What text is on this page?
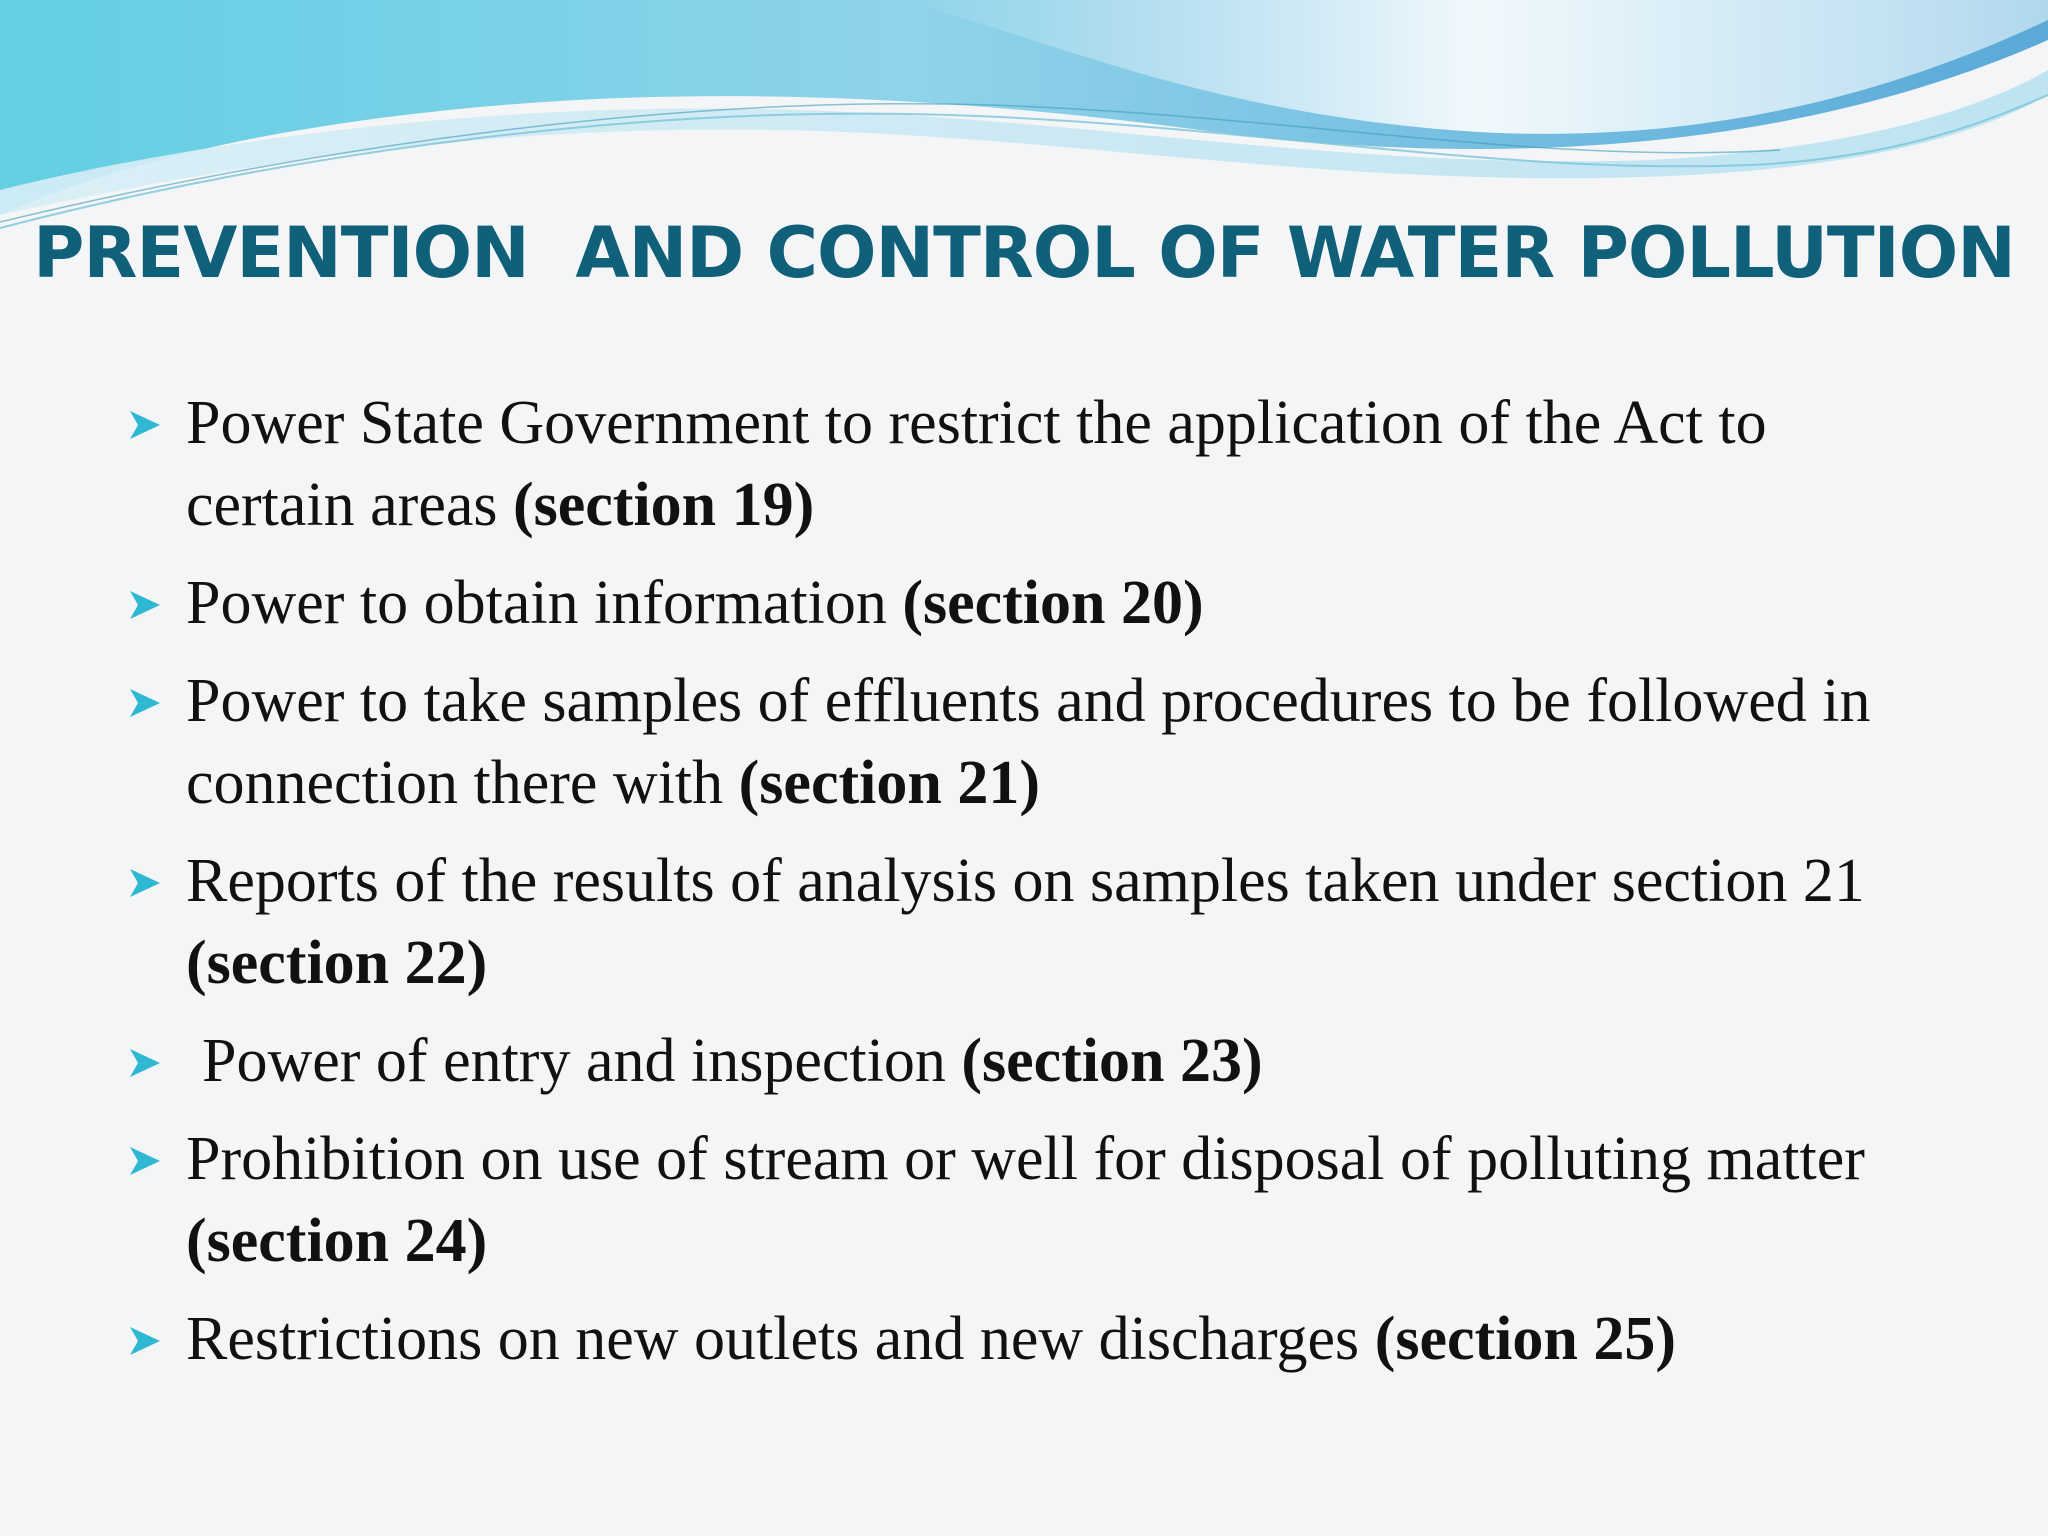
PREVENTION  AND CONTROL OF WATER POLLUTION
Power State Government to restrict the application of the Act to certain areas (section 19)
Power to obtain information (section 20)
Power to take samples of effluents and procedures to be followed in connection there with (section 21)
Reports of the results of analysis on samples taken under section 21 (section 22)
Power of entry and inspection (section 23)
Prohibition on use of stream or well for disposal of polluting matter (section 24)
Restrictions on new outlets and new discharges (section 25)
